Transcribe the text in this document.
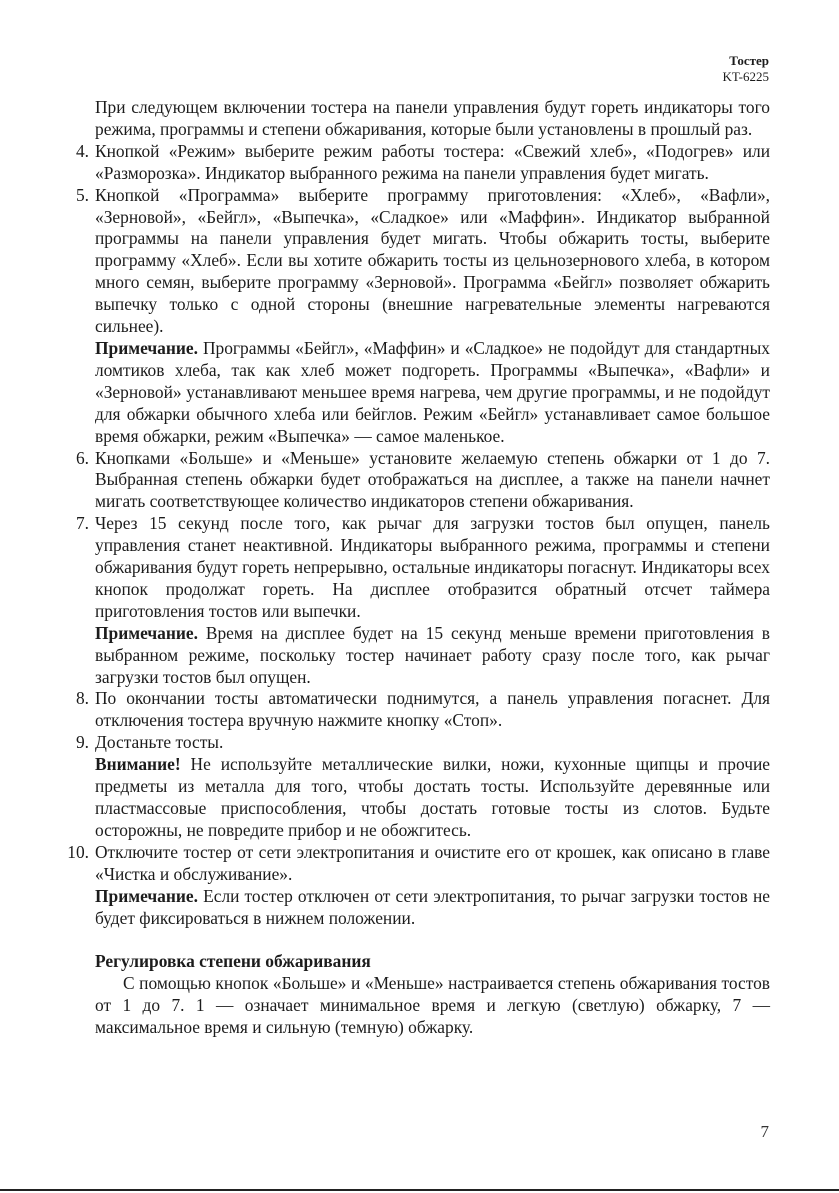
Тостер
KT-6225

При следующем включении тостера на панели управления будут гореть индикаторы того режима, программы и степени обжаривания, которые были установлены в прошлый раз.

4. Кнопкой «Режим» выберите режим работы тостера: «Свежий хлеб», «Подогрев» или «Разморозка». Индикатор выбранного режима на панели управления будет мигать.

5. Кнопкой «Программа» выберите программу приготовления: «Хлеб», «Вафли», «Зерновой», «Бейгл», «Выпечка», «Сладкое» или «Маффин». Индикатор выбранной программы на панели управления будет мигать. Чтобы обжарить тосты, выберите программу «Хлеб». Если вы хотите обжарить тосты из цельнозернового хлеба, в котором много семян, выберите программу «Зерновой». Программа «Бейгл» позволяет обжарить выпечку только с одной стороны (внешние нагревательные элементы нагреваются сильнее).

Примечание. Программы «Бейгл», «Маффин» и «Сладкое» не подойдут для стандартных ломтиков хлеба, так как хлеб может подгореть. Программы «Выпечка», «Вафли» и «Зерновой» устанавливают меньшее время нагрева, чем другие программы, и не подойдут для обжарки обычного хлеба или бейглов. Режим «Бейгл» устанавливает самое большое время обжарки, режим «Выпечка» — самое маленькое.

6. Кнопками «Больше» и «Меньше» установите желаемую степень обжарки от 1 до 7. Выбранная степень обжарки будет отображаться на дисплее, а также на панели начнет мигать соответствующее количество индикаторов степени обжаривания.

7. Через 15 секунд после того, как рычаг для загрузки тостов был опущен, панель управления станет неактивной. Индикаторы выбранного режима, программы и степени обжаривания будут гореть непрерывно, остальные индикаторы погаснут. Индикаторы всех кнопок продолжат гореть. На дисплее отобразится обратный отсчет таймера приготовления тостов или выпечки.

Примечание. Время на дисплее будет на 15 секунд меньше времени приготовления в выбранном режиме, поскольку тостер начинает работу сразу после того, как рычаг загрузки тостов был опущен.

8. По окончании тосты автоматически поднимутся, а панель управления погаснет. Для отключения тостера вручную нажмите кнопку «Стоп».

9. Достаньте тосты.

Внимание! Не используйте металлические вилки, ножи, кухонные щипцы и прочие предметы из металла для того, чтобы достать тосты. Используйте деревянные или пластмассовые приспособления, чтобы достать готовые тосты из слотов. Будьте осторожны, не повредите прибор и не обожгитесь.

10. Отключите тостер от сети электропитания и очистите его от крошек, как описано в главе «Чистка и обслуживание».

Примечание. Если тостер отключен от сети электропитания, то рычаг загрузки тостов не будет фиксироваться в нижнем положении.

Регулировка степени обжаривания

С помощью кнопок «Больше» и «Меньше» настраивается степень обжаривания тостов от 1 до 7. 1 — означает минимальное время и легкую (светлую) обжарку, 7 — максимальное время и сильную (темную) обжарку.

7
